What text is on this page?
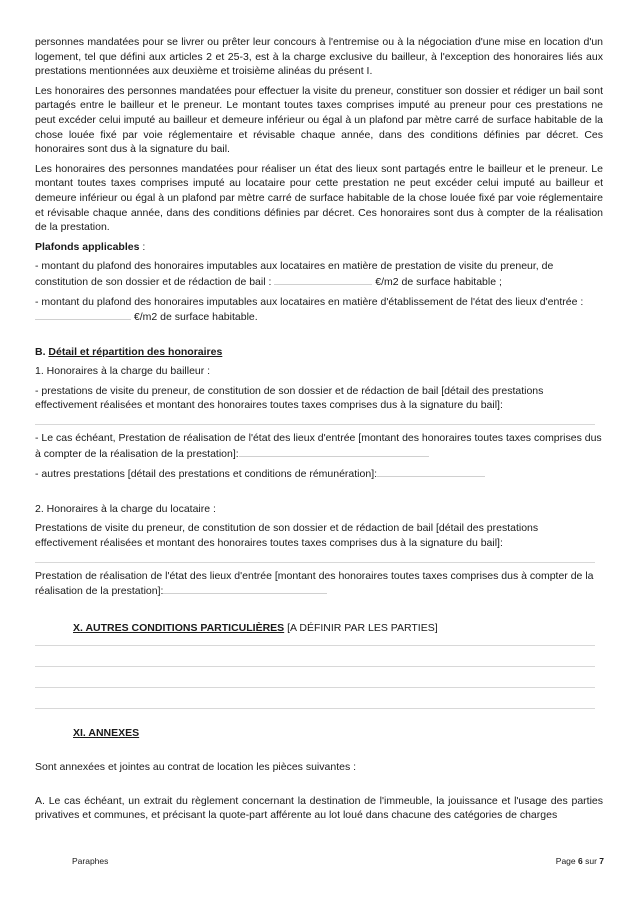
personnes mandatées pour se livrer ou prêter leur concours à l'entremise ou à la négociation d'une mise en location d'un logement, tel que défini aux articles 2 et 25-3, est à la charge exclusive du bailleur, à l'exception des honoraires liés aux prestations mentionnées aux deuxième et troisième alinéas du présent I.

Les honoraires des personnes mandatées pour effectuer la visite du preneur, constituer son dossier et rédiger un bail sont partagés entre le bailleur et le preneur. Le montant toutes taxes comprises imputé au preneur pour ces prestations ne peut excéder celui imputé au bailleur et demeure inférieur ou égal à un plafond par mètre carré de surface habitable de la chose louée fixé par voie réglementaire et révisable chaque année, dans des conditions définies par décret. Ces honoraires sont dus à la signature du bail.

Les honoraires des personnes mandatées pour réaliser un état des lieux sont partagés entre le bailleur et le preneur. Le montant toutes taxes comprises imputé au locataire pour cette prestation ne peut excéder celui imputé au bailleur et demeure inférieur ou égal à un plafond par mètre carré de surface habitable de la chose louée fixé par voie réglementaire et révisable chaque année, dans des conditions définies par décret. Ces honoraires sont dus à compter de la réalisation de la prestation.

Plafonds applicables :

- montant du plafond des honoraires imputables aux locataires en matière de prestation de visite du preneur, de constitution de son dossier et de rédaction de bail :	€/m2 de surface habitable ;

- montant du plafond des honoraires imputables aux locataires en matière d'établissement de l'état des lieux d'entrée :  €/m2 de surface habitable.

B. Détail et répartition des honoraires

1. Honoraires à la charge du bailleur :

- prestations de visite du preneur, de constitution de son dossier et de rédaction de bail [détail des prestations effectivement réalisées et montant des honoraires toutes taxes comprises dus à la signature du bail]:

- Le cas échéant, Prestation de réalisation de l'état des lieux d'entrée [montant des honoraires toutes taxes comprises dus à compter de la réalisation de la prestation]:

- autres prestations [détail des prestations et conditions de rémunération]:

2. Honoraires à la charge du locataire :

Prestations de visite du preneur, de constitution de son dossier et de rédaction de bail [détail des prestations effectivement réalisées et montant des honoraires toutes taxes comprises dus à la signature du bail]:

Prestation de réalisation de l'état des lieux d'entrée [montant des honoraires toutes taxes comprises dus à compter de la réalisation de la prestation]:

X. AUTRES CONDITIONS PARTICULIÈRES [A DÉFINIR PAR LES PARTIES]

XI. ANNEXES

Sont annexées et jointes au contrat de location les pièces suivantes :

A. Le cas échéant, un extrait du règlement concernant la destination de l'immeuble, la jouissance et l'usage des parties privatives et communes, et précisant la quote-part afférente au lot loué dans chacune des catégories de charges

Paraphes	Page 6 sur 7
